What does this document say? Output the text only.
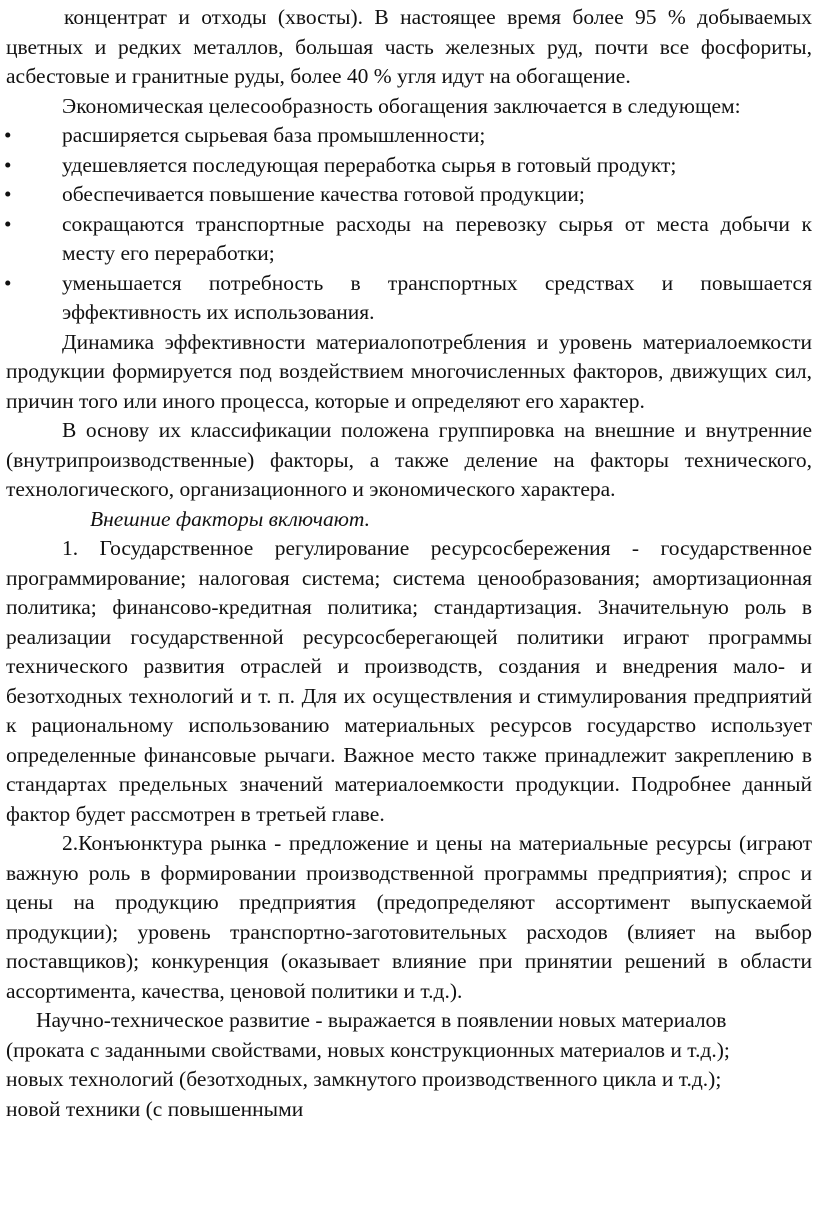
концентрат и отходы (хвосты). В настоящее время более 95 % добываемых цветных и редких металлов, большая часть железных руд, почти все фосфориты, асбестовые и гранитные руды, более 40 % угля идут на обогащение.

Экономическая целесообразность обогащения заключается в следующем:

• расширяется сырьевая база промышленности;
• удешевляется последующая переработка сырья в готовый продукт;
• обеспечивается повышение качества готовой продукции;
• сокращаются транспортные расходы на перевозку сырья от места добычи к месту его переработки;
• уменьшается потребность в транспортных средствах и повышается эффективность их использования.

Динамика эффективности материалопотребления и уровень материалоемкости продукции формируется под воздействием многочисленных факторов, движущих сил, причин того или иного процесса, которые и определяют его характер.

В основу их классификации положена группировка на внешние и внутренние (внутрипроизводственные) факторы, а также деление на факторы технического, технологического, организационного и экономического характера.

Внешние факторы включают.

1. Государственное регулирование ресурсосбережения - государственное программирование; налоговая система; система ценообразования; амортизационная политика; финансово-кредитная политика; стандартизация. Значительную роль в реализации государственной ресурсосберегающей политики играют программы технического развития отраслей и производств, создания и внедрения мало- и безотходных технологий и т. п. Для их осуществления и стимулирования предприятий к рациональному использованию материальных ресурсов государство использует определенные финансовые рычаги. Важное место также принадлежит закреплению в стандартах предельных значений материалоемкости продукции. Подробнее данный фактор будет рассмотрен в третьей главе.

2.Конъюнктура рынка - предложение и цены на материальные ресурсы (играют важную роль в формировании производственной программы предприятия); спрос и цены на продукцию предприятия (предопределяют ассортимент выпускаемой продукции); уровень транспортно-заготовительных расходов (влияет на выбор поставщиков); конкуренция (оказывает влияние при принятии решений в области ассортимента, качества, ценовой политики и т.д.).

Научно-техническое развитие - выражается в появлении новых материалов
(проката с заданными свойствами, новых конструкционных материалов и т.д.);
новых технологий (безотходных, замкнутого производственного цикла и т.д.);
новой техники (с повышенными
